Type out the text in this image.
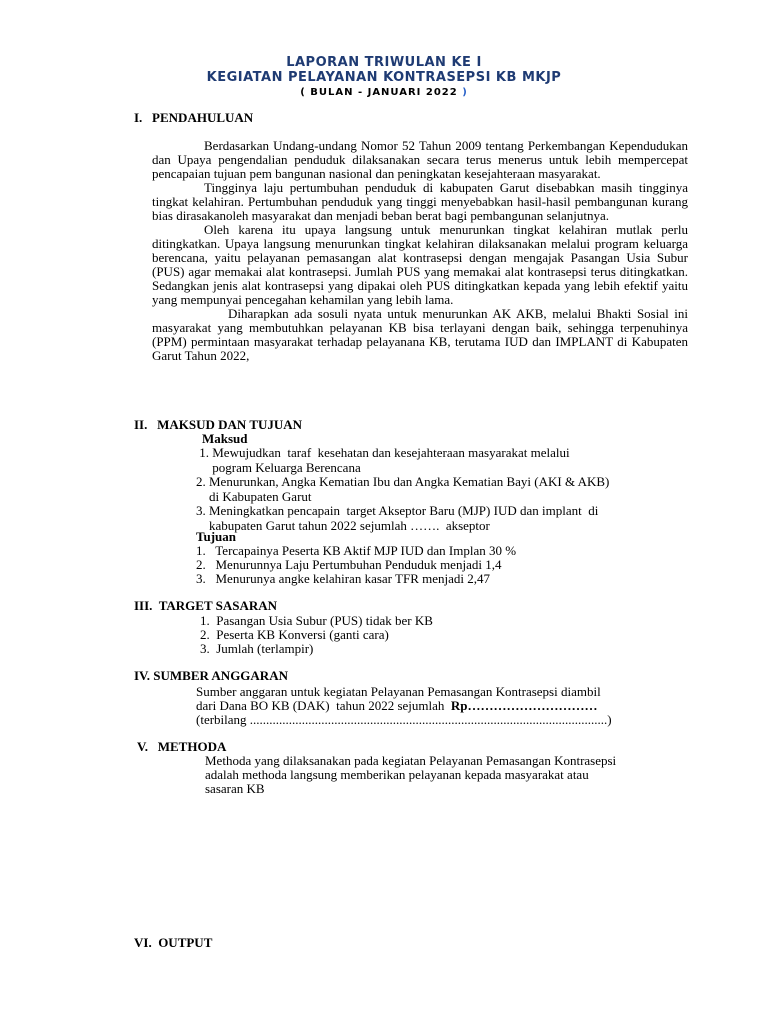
LAPORAN TRIWULAN KE I
KEGIATAN PELAYANAN KONTRASEPSI KB MKJP
( BULAN - JANUARI 2022 )
I.   PENDAHULUAN

Berdasarkan Undang-undang Nomor 52 Tahun 2009 tentang Perkembangan Kependudukan dan Upaya pengendalian penduduk dilaksanakan secara terus menerus untuk lebih mempercepat pencapaian tujuan pem bangunan nasional dan peningkatan kesejahteraan masyarakat.

Tingginya laju pertumbuhan penduduk di kabupaten Garut disebabkan masih tingginya tingkat kelahiran. Pertumbuhan penduduk yang tinggi menyebabkan hasil-hasil pembangunan kurang bias dirasakanoleh masyarakat dan menjadi beban berat bagi pembangunan selanjutnya.

Oleh karena itu upaya langsung untuk menurunkan tingkat kelahiran mutlak perlu ditingkatkan. Upaya langsung menurunkan tingkat kelahiran dilaksanakan melalui program keluarga berencana, yaitu pelayanan pemasangan alat kontrasepsi dengan mengajak Pasangan Usia Subur (PUS) agar memakai alat kontrasepsi. Jumlah PUS yang memakai alat kontrasepsi terus ditingkatkan. Sedangkan jenis alat kontrasepsi yang dipakai oleh PUS ditingkatkan kepada yang lebih efektif yaitu yang mempunyai pencegahan kehamilan yang lebih lama.

Diharapkan ada sosuli nyata untuk menurunkan AK AKB, melalui Bhakti Sosial ini masyarakat yang membutuhkan pelayanan KB bisa terlayani dengan baik, sehingga terpenuhinya (PPM) permintaan masyarakat terhadap pelayanana KB, terutama IUD dan IMPLANT di Kabupaten Garut Tahun 2022,

II.   MAKSUD DAN TUJUAN
Maksud
1. Mewujudkan  taraf  kesehatan dan kesejahteraan masyarakat melalui
pogram Keluarga Berencana
2. Menurunkan, Angka Kematian Ibu dan Angka Kematian Bayi (AKI & AKB)
di Kabupaten Garut
3. Meningkatkan pencapain  target Akseptor Baru (MJP) IUD dan implant  di
kabupaten Garut tahun 2022 sejumlah …….  akseptor
Tujuan
1.   Tercapainya Peserta KB Aktif MJP IUD dan Implan 30 %
2.   Menurunnya Laju Pertumbuhan Penduduk menjadi 1,4
3.   Menurunya angke kelahiran kasar TFR menjadi 2,47
III.  TARGET SASARAN
1.  Pasangan Usia Subur (PUS) tidak ber KB
2.  Peserta KB Konversi (ganti cara)
3.  Jumlah (terlampir)
IV. SUMBER ANGGARAN
Sumber anggaran untuk kegiatan Pelayanan Pemasangan Kontrasepsi diambil
dari Dana BO KB (DAK)  tahun 2022 sejumlah  Rp…………………………
(terbilang ..............................................................................................................)
V.   METHODA
Methoda yang dilaksanakan pada kegiatan Pelayanan Pemasangan Kontrasepsi
adalah methoda langsung memberikan pelayanan kepada masyarakat atau
sasaran KB
VI.  OUTPUT
